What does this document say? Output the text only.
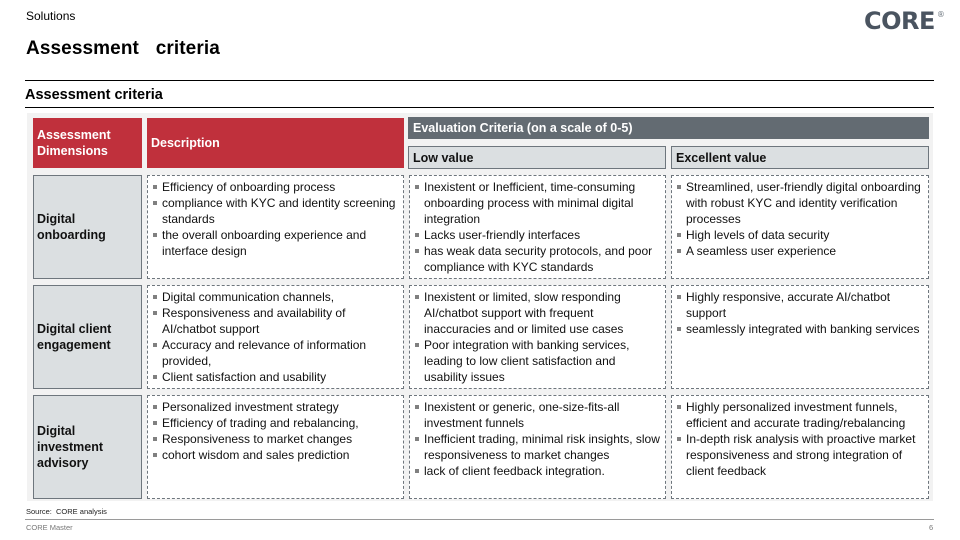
Solutions
Assessment  criteria
CORE ®
Assessment criteria
Assessment Dimensions
Description
Evaluation Criteria (on a scale of 0-5)
Low value	Excellent value
Digital onboarding
Efficiency of onboarding process
compliance with KYC and identity screening standards
the overall onboarding experience and interface design
Inexistent or Inefficient, time-consuming onboarding process with minimal digital integration
Lacks user-friendly interfaces
has weak data security protocols, and poor compliance with KYC standards
Streamlined, user-friendly digital onboarding with robust KYC and identity verification processes
High levels of data security
A seamless user experience
Digital client engagement
Digital communication channels,
Responsiveness and availability of AI/chatbot support
Accuracy and relevance of information provided,
Client satisfaction and usability
Inexistent or limited, slow responding AI/chatbot support with frequent inaccuracies and or limited use cases
Poor integration with banking services, leading to low client satisfaction and usability issues
Highly responsive, accurate AI/chatbot support
seamlessly integrated with banking services
Digital investment advisory
Personalized investment strategy
Efficiency of trading and rebalancing,
Responsiveness to market changes
cohort wisdom and sales prediction
Inexistent or generic, one-size-fits-all investment funnels
Inefficient trading, minimal risk insights, slow responsiveness to market changes
lack of client feedback integration.
Highly personalized investment funnels, efficient and accurate trading/rebalancing
In-depth risk analysis with proactive market responsiveness and strong integration of client feedback
Source:  CORE analysis
CORE Master	6
